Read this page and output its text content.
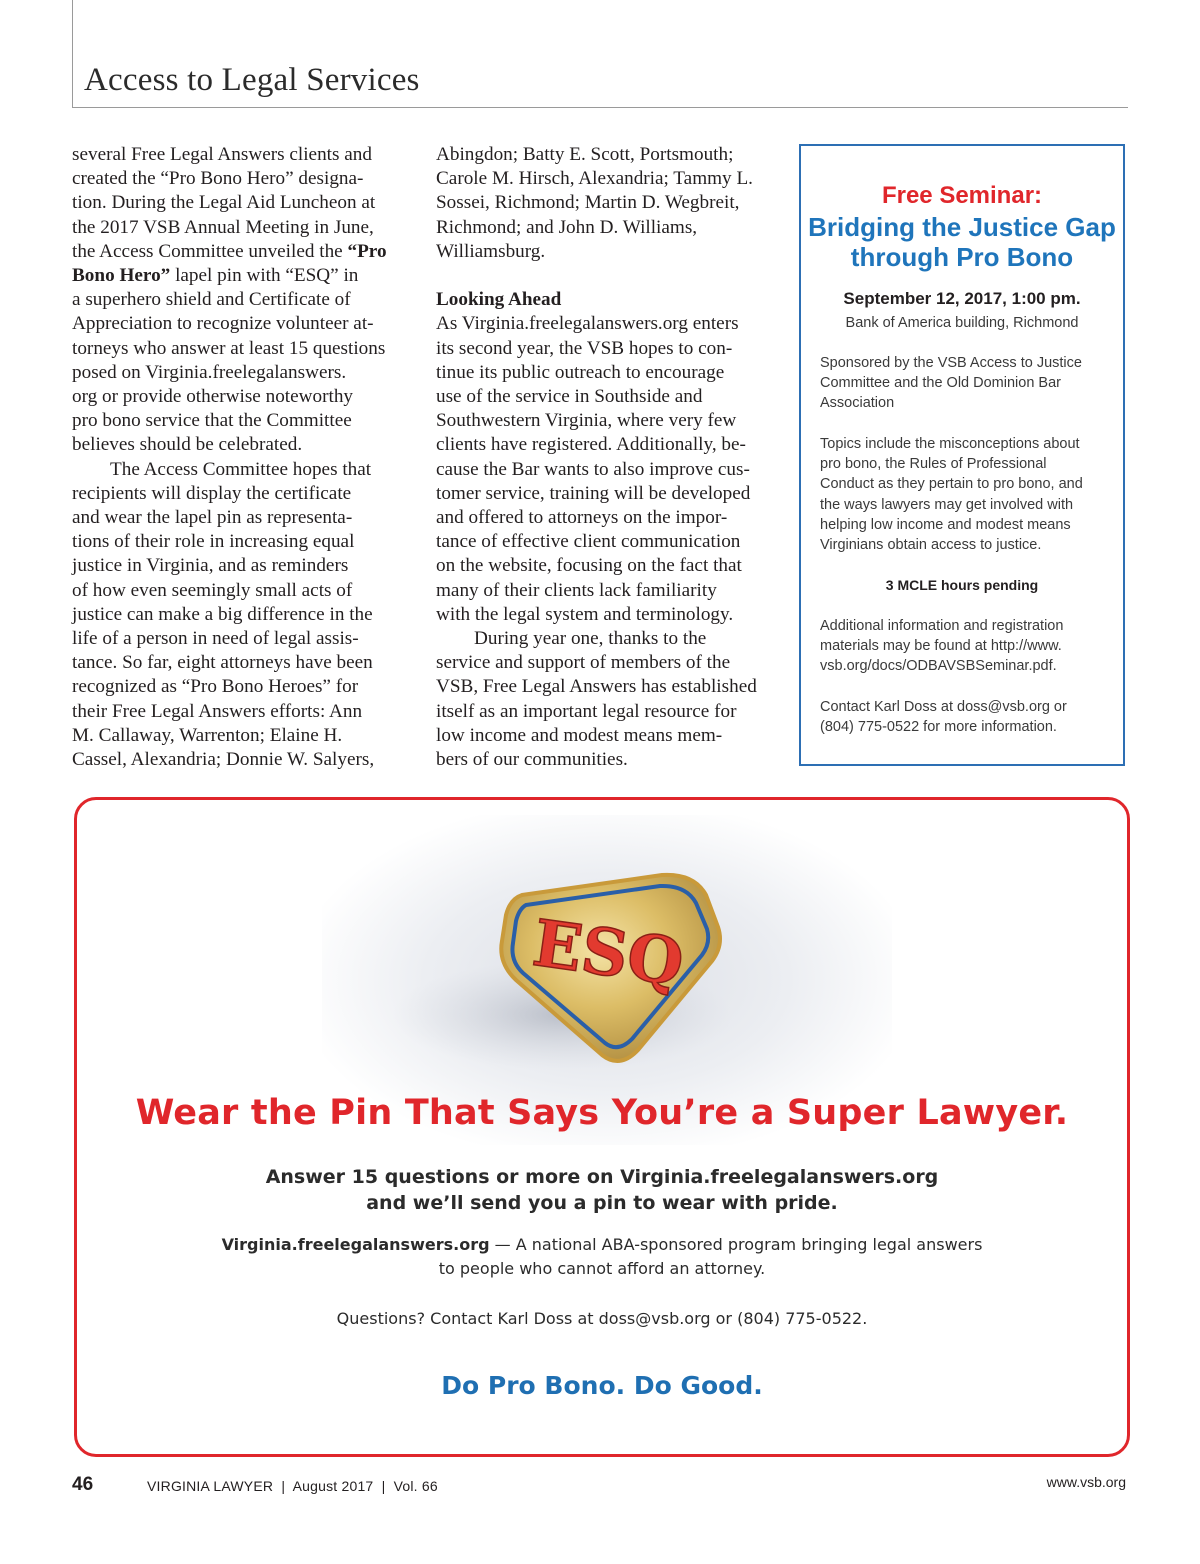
Access to Legal Services

several Free Legal Answers clients and
created the “Pro Bono Hero” designa-
tion. During the Legal Aid Luncheon at
the 2017 VSB Annual Meeting in June,
the Access Committee unveiled the “Pro
Bono Hero” lapel pin with “ESQ” in
a superhero shield and Certificate of
Appreciation to recognize volunteer at-
torneys who answer at least 15 questions
posed on Virginia.freelegalanswers.
org or provide otherwise noteworthy
pro bono service that the Committee
believes should be celebrated.

The Access Committee hopes that
recipients will display the certificate
and wear the lapel pin as representa-
tions of their role in increasing equal
justice in Virginia, and as reminders
of how even seemingly small acts of
justice can make a big difference in the
life of a person in need of legal assis-
tance. So far, eight attorneys have been
recognized as “Pro Bono Heroes” for
their Free Legal Answers efforts: Ann
M. Callaway, Warrenton; Elaine H.
Cassel, Alexandria; Donnie W. Salyers,

Abingdon; Batty E. Scott, Portsmouth;
Carole M. Hirsch, Alexandria; Tammy L.
Sossei, Richmond; Martin D. Wegbreit,
Richmond; and John D. Williams,
Williamsburg.

Looking Ahead

As Virginia.freelegalanswers.org enters
its second year, the VSB hopes to con-
tinue its public outreach to encourage
use of the service in Southside and
Southwestern Virginia, where very few
clients have registered. Additionally, be-
cause the Bar wants to also improve cus-
tomer service, training will be developed
and offered to attorneys on the impor-
tance of effective client communication
on the website, focusing on the fact that
many of their clients lack familiarity
with the legal system and terminology.

During year one, thanks to the
service and support of members of the
VSB, Free Legal Answers has established
itself as an important legal resource for
low income and modest means mem-
bers of our communities.

Free Seminar:
Bridging the Justice Gap
through Pro Bono
September 12, 2017, 1:00 pm.
Bank of America building, Richmond

Sponsored by the VSB Access to Justice
Committee and the Old Dominion Bar
Association

Topics include the misconceptions about
pro bono, the Rules of Professional
Conduct as they pertain to pro bono, and
the ways lawyers may get involved with
helping low income and modest means
Virginians obtain access to justice.

3 MCLE hours pending

Additional information and registration
materials may be found at http://www.
vsb.org/docs/ODBAVSBSeminar.pdf.

Contact Karl Doss at doss@vsb.org or
(804) 775-0522 for more information.

ESQ
Wear the Pin That Says You’re a Super Lawyer.
Answer 15 questions or more on Virginia.freelegalanswers.org
and we’ll send you a pin to wear with pride.
Virginia.freelegalanswers.org — A national ABA-sponsored program bringing legal answers
to people who cannot afford an attorney.
Questions? Contact Karl Doss at doss@vsb.org or (804) 775-0522.
Do Pro Bono. Do Good.
46	VIRGINIA LAWYER  |  August 2017  |  Vol. 66	www.vsb.org
